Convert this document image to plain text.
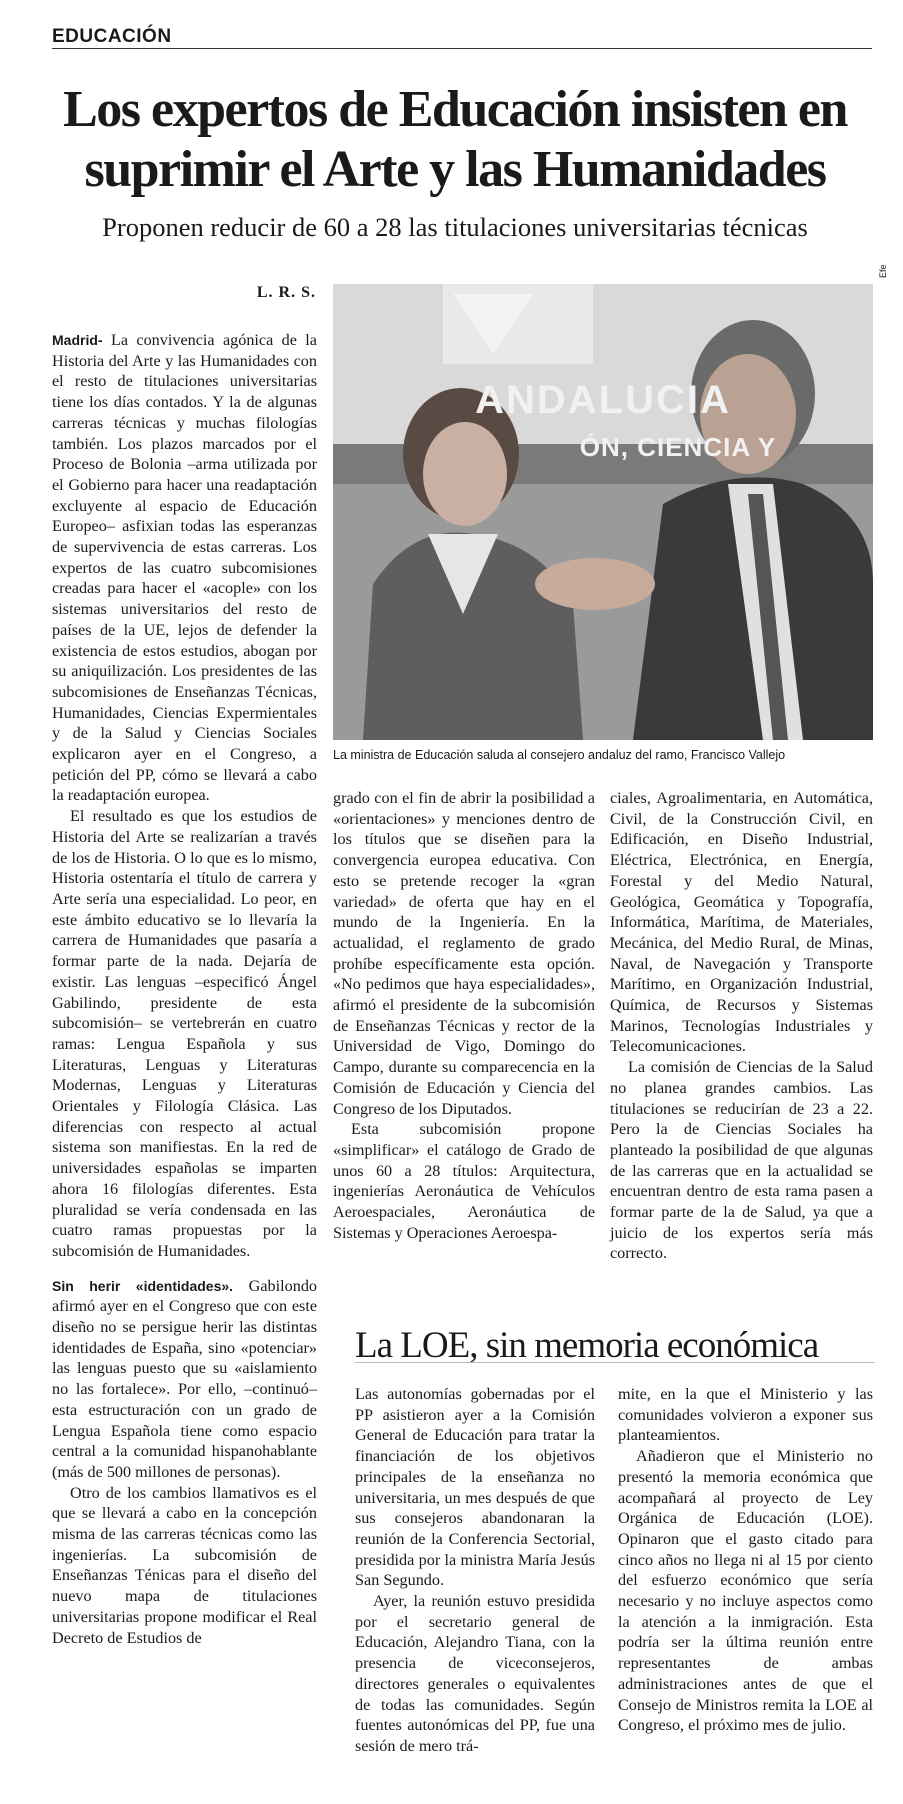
EDUCACIÓN
Los expertos de Educación insisten en
suprimir el Arte y las Humanidades
Proponen reducir de 60 a 28 las titulaciones universitarias técnicas
L. R. S.
ANDALUCIA
ÓN, CIENCIA Y
Efe
La ministra de Educación saluda al consejero andaluz del ramo, Francisco Vallejo

Madrid- La convivencia agónica de la Historia del Arte y las Humanidades con el resto de titulaciones universitarias tiene los días contados. Y la de algunas carreras técnicas y muchas filologías también. Los plazos marcados por el Proceso de Bolonia –arma utilizada por el Gobierno para hacer una readaptación excluyente al espacio de Educación Europeo– asfixian todas las esperanzas de supervivencia de estas carreras. Los expertos de las cuatro subcomisiones creadas para hacer el «acople» con los sistemas universitarios del resto de países de la UE, lejos de defender la existencia de estos estudios, abogan por su aniquilización. Los presidentes de las subcomisiones de Enseñanzas Técnicas, Humanidades, Ciencias Expermientales y de la Salud y Ciencias Sociales explicaron ayer en el Congreso, a petición del PP, cómo se llevará a cabo la readaptación europea.

El resultado es que los estudios de Historia del Arte se realizarían a través de los de Historia. O lo que es lo mismo, Historia ostentaría el título de carrera y Arte sería una especialidad. Lo peor, en este ámbito educativo se lo llevaría la carrera de Humanidades que pasaría a formar parte de la nada. Dejaría de existir. Las lenguas –especificó Ángel Gabilindo, presidente de esta subcomisión– se vertebrerán en cuatro ramas: Lengua Española y sus Literaturas, Lenguas y Literaturas Modernas, Lenguas y Literaturas Orientales y Filología Clásica. Las diferencias con respecto al actual sistema son manifiestas. En la red de universidades españolas se imparten ahora 16 filologías diferentes. Esta pluralidad se vería condensada en las cuatro ramas propuestas por la subcomisión de Humanidades.

Sin herir «identidades». Gabilondo afirmó ayer en el Congreso que con este diseño no se persigue herir las distintas identidades de España, sino «potenciar» las lenguas puesto que su «aislamiento no las fortalece». Por ello, –continuó– esta estructuración con un grado de Lengua Española tiene como espacio central a la comunidad hispanohablante (más de 500 millones de personas).

Otro de los cambios llamativos es el que se llevará a cabo en la concepción misma de las carreras técnicas como las ingenierías. La subcomisión de Enseñanzas Ténicas para el diseño del nuevo mapa de titulaciones universitarias propone modificar el Real Decreto de Estudios de

grado con el fin de abrir la posibilidad a «orientaciones» y menciones dentro de los títulos que se diseñen para la convergencia europea educativa. Con esto se pretende recoger la «gran variedad» de oferta que hay en el mundo de la Ingeniería. En la actualidad, el reglamento de grado prohíbe específicamente esta opción. «No pedimos que haya especialidades», afirmó el presidente de la subcomisión de Enseñanzas Técnicas y rector de la Universidad de Vigo, Domingo do Campo, durante su comparecencia en la Comisión de Educación y Ciencia del Congreso de los Diputados.

Esta subcomisión propone «simplificar» el catálogo de Grado de unos 60 a 28 títulos: Arquitectura, ingenierías Aeronáutica de Vehículos Aeroespaciales, Aeronáutica de Sistemas y Operaciones Aeroespa-

ciales, Agroalimentaria, en Automática, Civil, de la Construcción Civil, en Edificación, en Diseño Industrial, Eléctrica, Electrónica, en Energía, Forestal y del Medio Natural, Geológica, Geomática y Topografía, Informática, Marítima, de Materiales, Mecánica, del Medio Rural, de Minas, Naval, de Navegación y Transporte Marítimo, en Organización Industrial, Química, de Recursos y Sistemas Marinos, Tecnologías Industriales y Telecomunicaciones.

La comisión de Ciencias de la Salud no planea grandes cambios. Las titulaciones se reducirían de 23 a 22. Pero la de Ciencias Sociales ha planteado la posibilidad de que algunas de las carreras que en la actualidad se encuentran dentro de esta rama pasen a formar parte de la de Salud, ya que a juicio de los expertos sería más correcto.

La LOE, sin memoria económica

Las autonomías gobernadas por el PP asistieron ayer a la Comisión General de Educación para tratar la financiación de los objetivos principales de la enseñanza no universitaria, un mes después de que sus consejeros abandonaran la reunión de la Conferencia Sectorial, presidida por la ministra María Jesús San Segundo.

Ayer, la reunión estuvo presidida por el secretario general de Educación, Alejandro Tiana, con la presencia de viceconsejeros, directores generales o equivalentes de todas las comunidades. Según fuentes autonómicas del PP, fue una sesión de mero trá-

mite, en la que el Ministerio y las comunidades volvieron a exponer sus planteamientos.

Añadieron que el Ministerio no presentó la memoria económica que acompañará al proyecto de Ley Orgánica de Educación (LOE). Opinaron que el gasto citado para cinco años no llega ni al 15 por ciento del esfuerzo económico que sería necesario y no incluye aspectos como la atención a la inmigración. Esta podría ser la última reunión entre representantes de ambas administraciones antes de que el Consejo de Ministros remita la LOE al Congreso, el próximo mes de julio.
